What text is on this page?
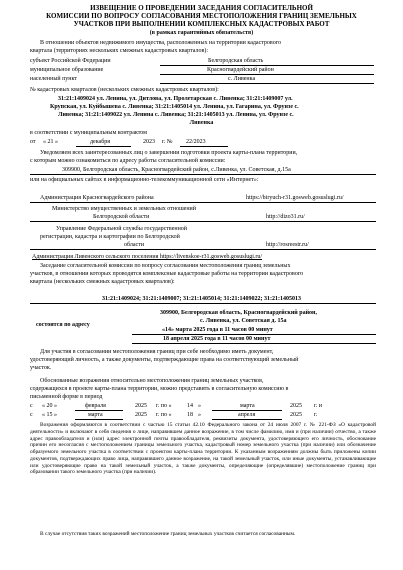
ИЗВЕЩЕНИЕ О ПРОВЕДЕНИИ ЗАСЕДАНИЯ СОГЛАСИТЕЛЬНОЙ
КОМИССИИ ПО ВОПРОСУ СОГЛАСОВАНИЯ МЕСТОПОЛОЖЕНИЯ ГРАНИЦ ЗЕМЕЛЬНЫХ
УЧАСТКОВ ПРИ ВЫПОЛНЕНИИ КОМПЛЕКСНЫХ КАДАСТРОВЫХ РАБОТ
(в рамках гарантийных обязательств)
В отношении объектов недвижимого имущества, расположенных на территории кадастрового
квартала (территориях нескольких смежных кадастровых кварталов):
субъект Российской Федерации	Белгородская область
муниципальное образование	Красногвардейский район
населенный пункт	с. Ливенка
№ кадастровых кварталов (нескольких смежных кадастровых кварталов):
31:21:1409024 ул. Ленина, ул. Дитлова, ул. Пролетарская с. Ливенка; 31:21:1409007 ул.
Крупская, ул. Куйбышева с. Ливенка; 31:21:1405014 ул. Ленина, ул. Гагарина, ул. Фрунзе с.
Ливенка; 31:21:1409022 ул. Ленина с. Ливенка; 31:21:1405013 ул. Ленина, ул. Фрунзе с.
Ливенка
в соответствии с муниципальным контрактом
от « 21 »	декабря	2023 г. № 22/2023
Уведомляем всех заинтересованных лиц о завершении подготовки проекта карты-плана территории,
с которым можно ознакомиться по адресу работы согласительной комиссии:
309900, Белгородская область, Красногвардейский район, с.Ливенка, ул. Советская, д.15а
или на официальных сайтах в информационно-телекоммуникационной сети «Интернет»:
Администрация Красногвардейского района	https://biryuch-r31.gosweb.gosuslugi.ru/
Министерство имущественных и земельных отношений
Белгородской области	http://dizo31.ru/
Управление Федеральной службы государственной
регистрации, кадастра и картографии по Белгородской
области	http://rosreestr.ru/
Администрация Ливенского сельского поселения https://livenskoe-r31.gosweb.gosuslugi.ru/
Заседание согласительной комиссии по вопросу согласования местоположения границ земельных
участков, в отношении которых проводятся комплексные кадастровые работы на территории кадастрового
квартала (нескольких смежных кадастровых кварталов):
31:21:1409024; 31:21:1409007; 31:21:1405014; 31:21:1409022; 31:21:1405013
309900, Белгородская область, Красногвардейский район,
с. Ливенка, ул. Советская д. 15а
состоится по адресу
«14» марта 2025 года в 11 часов 00 минут
18 апреля 2025 года в 11 часов 00 минут
Для участия в согласовании местоположения границ при себе необходимо иметь документ,
удостоверяющий личность, а также документы, подтверждающие права на соответствующий земельный
участок.
Обоснованные возражения относительно местоположения границ земельных участков,
содержащихся в проекте карты-плана территории, можно представить в согласительную комиссию в
письменной форме в период
с « 20 »	февраля	2025 г. по «	14 »	марта	2025 г. и
с « 15 »	марта	2025 г. по «	18 »	апреля	2025 г.
Возражения оформляются в соответствии с частью 15 статьи 42.10 Федерального закона от 24 июля 2007 г. № 221-ФЗ «О кадастровой деятельности» и включают в себя сведения о лице, направившем данное возражение, в том числе фамилию, имя и (при наличии) отчество, а также адрес правообладателя и (или) адрес электронной почты правообладателя, реквизиты документа, удостоверяющего его личность, обоснование причин его несогласия с местоположением границы земельного участка, кадастровый номер земельного участка (при наличии) или обозначение образуемого земельного участка в соответствии с проектом карты-плана территории. К указанным возражениям должны быть приложены копии документов, подтверждающих право лица, направившего данное возражение, на такой земельный участок, или иные документы, устанавливающие или удостоверяющие право на такой земельный участок, а также документы, определяющие (определявшие) местоположение границ при образовании такого земельного участка (при наличии).
В случае отсутствия таких возражений местоположение границ земельных участков считается согласованным.
